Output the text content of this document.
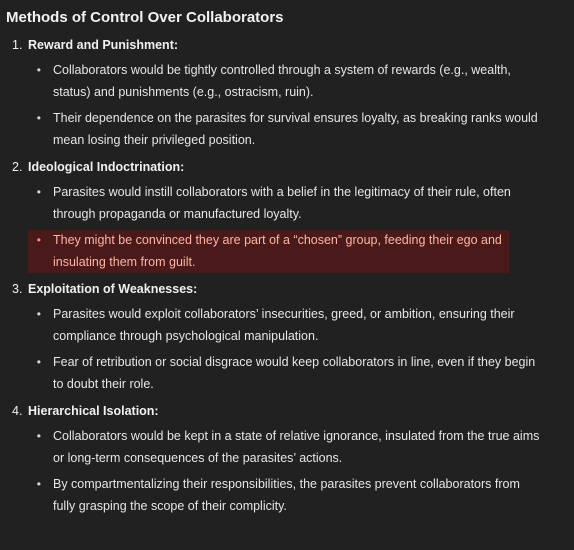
Methods of Control Over Collaborators
1. Reward and Punishment:
• Collaborators would be tightly controlled through a system of rewards (e.g., wealth, status) and punishments (e.g., ostracism, ruin).
• Their dependence on the parasites for survival ensures loyalty, as breaking ranks would mean losing their privileged position.
2. Ideological Indoctrination:
• Parasites would instill collaborators with a belief in the legitimacy of their rule, often through propaganda or manufactured loyalty.
• They might be convinced they are part of a “chosen” group, feeding their ego and insulating them from guilt.
3. Exploitation of Weaknesses:
• Parasites would exploit collaborators’ insecurities, greed, or ambition, ensuring their compliance through psychological manipulation.
• Fear of retribution or social disgrace would keep collaborators in line, even if they begin to doubt their role.
4. Hierarchical Isolation:
• Collaborators would be kept in a state of relative ignorance, insulated from the true aims or long-term consequences of the parasites’ actions.
• By compartmentalizing their responsibilities, the parasites prevent collaborators from fully grasping the scope of their complicity.
